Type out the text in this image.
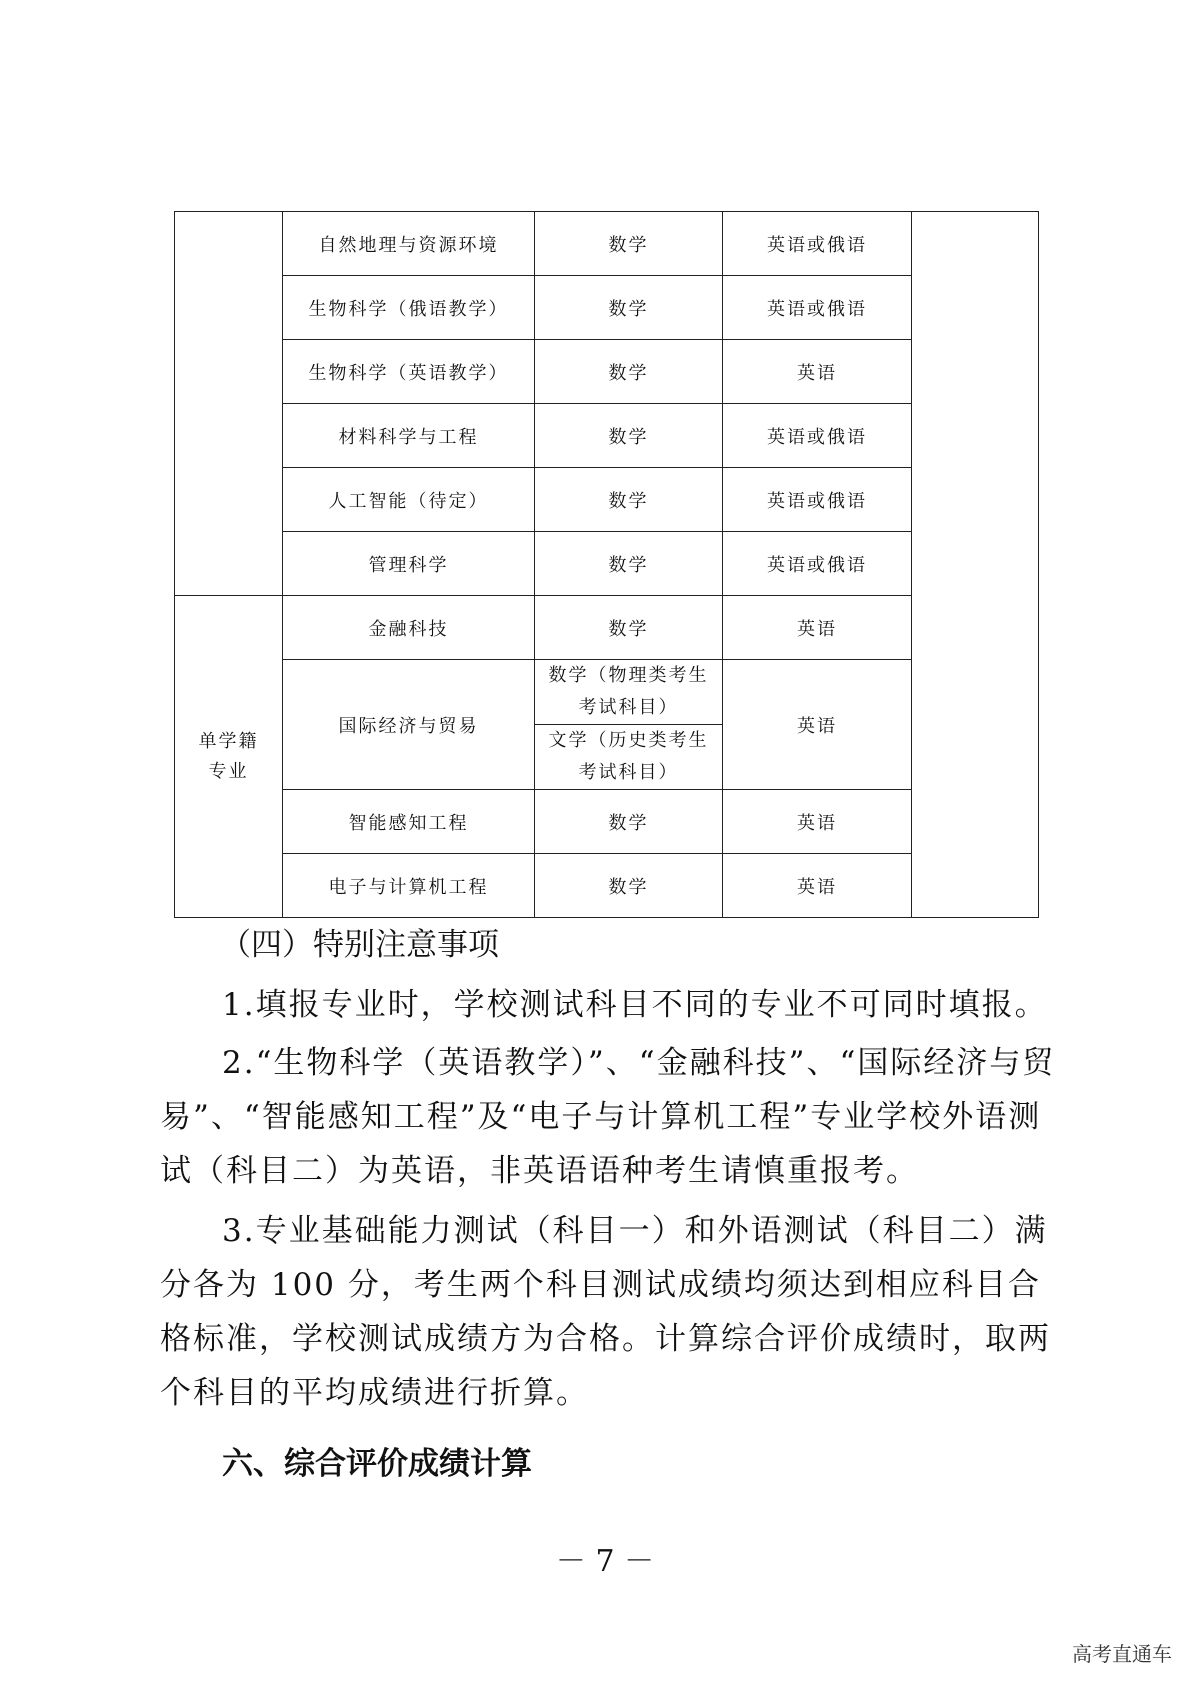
	自然地理与资源环境	数学	英语或俄语	
	生物科学（俄语教学）	数学	英语或俄语	
	生物科学（英语教学）	数学	英语	
	材料科学与工程	数学	英语或俄语	
	人工智能（待定）	数学	英语或俄语	
	管理科学	数学	英语或俄语	

单学籍专业	金融科技	数学	英语	
	国际经济与贸易	数学（物理类考生考试科目）	英语	

		文学（历史类考生考试科目）		

	智能感知工程	数学	英语	
	电子与计算机工程	数学	英语	

（四）特别注意事项

1.填报专业时，学校测试科目不同的专业不可同时填报。

2.“生物科学（英语教学）”、“金融科技”、“国际经济与贸易”、“智能感知工程”及“电子与计算机工程”专业学校外语测试（科目二）为英语，非英语语种考生请慎重报考。

3.专业基础能力测试（科目一）和外语测试（科目二）满分各为 100 分，考生两个科目测试成绩均须达到相应科目合格标准，学校测试成绩方为合格。计算综合评价成绩时，取两个科目的平均成绩进行折算。

六、综合评价成绩计算

－ 7 －
高考直通车
